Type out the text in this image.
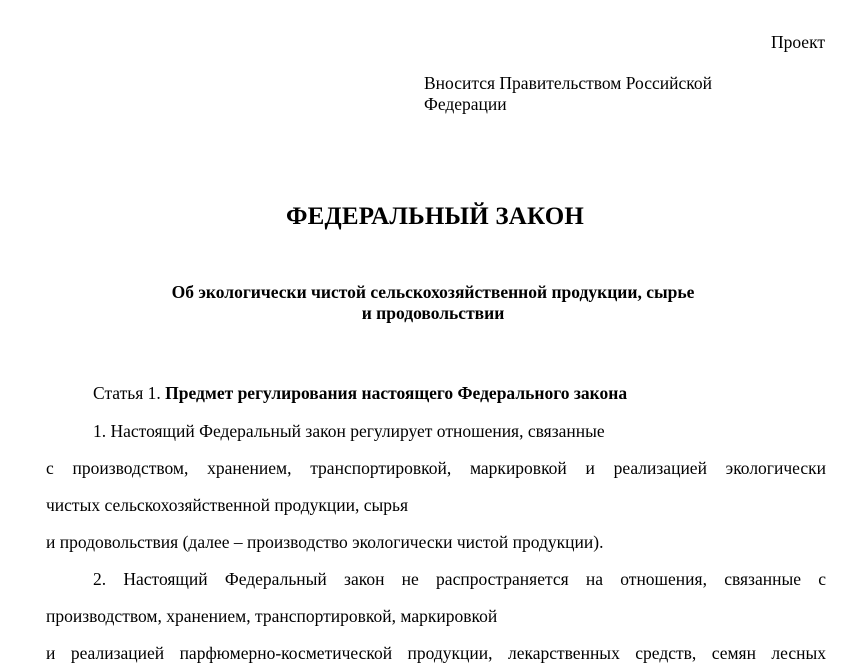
Проект
Вносится Правительством Российской
Федерации
ФЕДЕРАЛЬНЫЙ ЗАКОН
Об экологически чистой сельскохозяйственной продукции, сырье
и продовольствии
Статья 1. Предмет регулирования настоящего Федерального закона
1. Настоящий Федеральный закон регулирует отношения, связанные
с производством, хранением, транспортировкой, маркировкой и реализацией экологически
чистых сельскохозяйственной продукции, сырья
и продовольствия (далее – производство экологически чистой продукции).
2. Настоящий Федеральный закон не распространяется на отношения, связанные с
производством, хранением, транспортировкой, маркировкой
и реализацией парфюмерно-косметической продукции, лекарственных средств, семян лесных
